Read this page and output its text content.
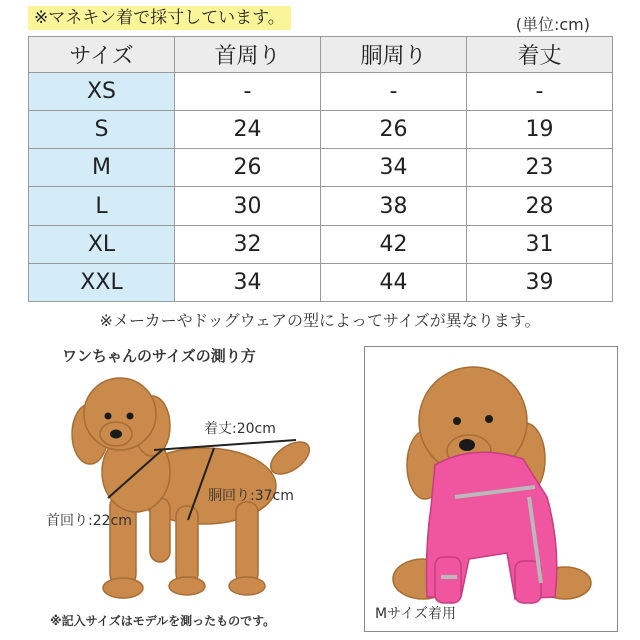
※マネキン着で採寸しています。	(単位:cm)
サイズ	首周り	胴周り	着丈
XS	-	-	-
S	24	26	19
M	26	34	23
L	30	38	28
XL	32	42	31
XXL	34	44	39
※メーカーやドッグウェアの型によってサイズが異なります。
ワンちゃんのサイズの測り方
着丈:20cm
胴回り:37cm
首回り:22cm
※記入サイズはモデルを測ったものです。	Mサイズ着用
